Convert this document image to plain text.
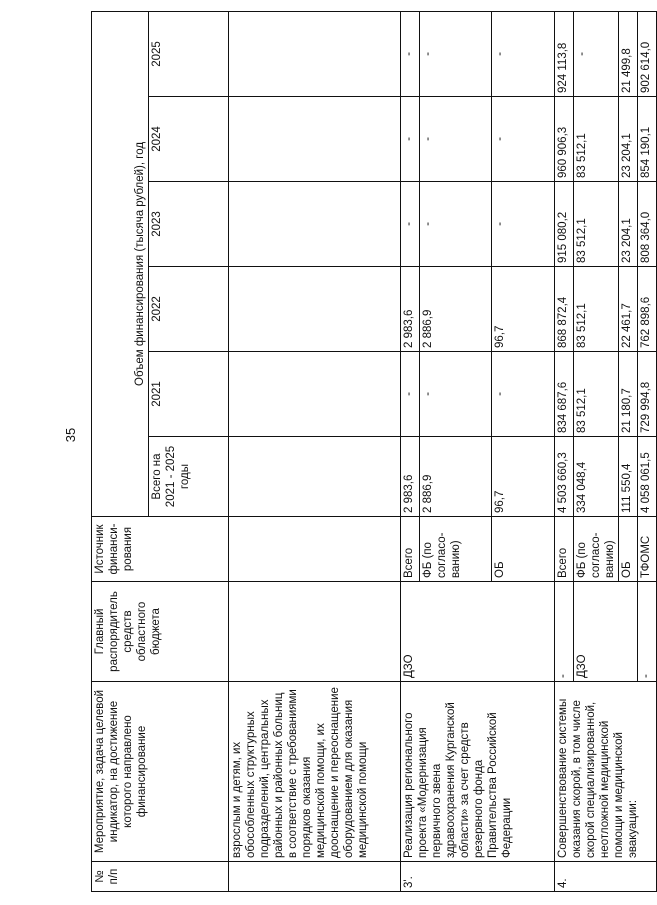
35
№ п/п	Мероприятие, задача целевой индикатор, на достижение которого направлено финансирование	Главный распорядитель средств областного бюджета	Источник финанси-рования	Объем финансирования (тысяча рублей), год					
				Всего на 2021 - 2025 годы	2021	2022	2023	2024	2025
	взрослым и детям, их обособленных структурных подразделений, центральных районных и районных больниц в соответствие с требованиями порядков оказания медицинской помощи, их дооснащение и переоснащение оборудованием для оказания медицинской помощи								
3'.	Реализация регионального проекта «Модернизация первичного звена здравоохранения Курганской области» за счет средств резервного фонда Правительства Российской Федерации	ДЗО	Всего	2 983,6	-	2 983,6	-	-	-
			ФБ (по согласо-ванию)	2 886,9	-	2 886,9	-	-	-
			ОБ	96,7	-	96,7	-	-	-
4.	Совершенствование системы оказания скорой, в том числе скорой специализированной, неотложной медицинской помощи и медицинской эвакуации:	-	Всего	4 503 660,3	834 687,6	868 872,4	915 080,2	960 906,3	924 113,8
		ДЗО	ФБ (по согласо-ванию)	334 048,4	83 512,1	83 512,1	83 512,1	83 512,1	-
			ОБ	111 550,4	21 180,7	22 461,7	23 204,1	23 204,1	21 499,8
		-	ТФОМС	4 058 061,5	729 994,8	762 898,6	808 364,0	854 190,1	902 614,0
